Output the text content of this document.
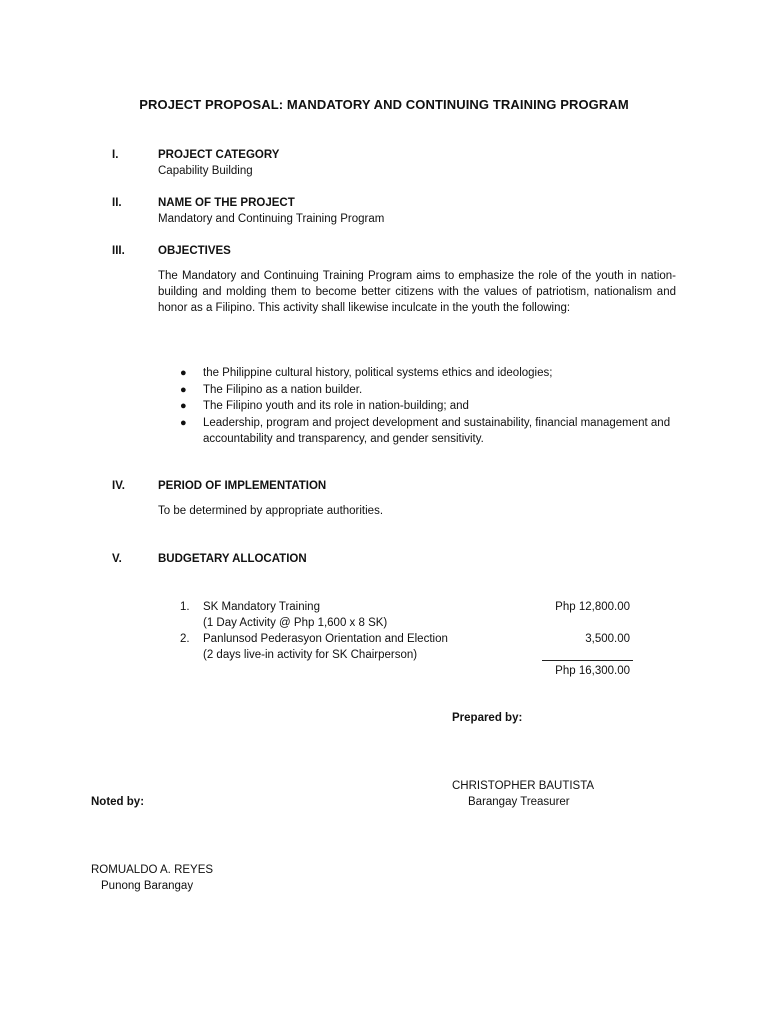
PROJECT PROPOSAL: MANDATORY AND CONTINUING TRAINING PROGRAM
I.	PROJECT CATEGORY
Capability Building
II.	NAME OF THE PROJECT
Mandatory and Continuing Training Program
III.	OBJECTIVES
The Mandatory and Continuing Training Program aims to emphasize the role of the youth in nation-building and molding them to become better citizens with the values of patriotism, nationalism and honor as a Filipino. This activity shall likewise inculcate in the youth the following:
● the Philippine cultural history, political systems ethics and ideologies;
● The Filipino as a nation builder.
● The Filipino youth and its role in nation-building; and
● Leadership, program and project development and sustainability, financial management and accountability and transparency, and gender sensitivity.
IV.	PERIOD OF IMPLEMENTATION
To be determined by appropriate authorities.
V.	BUDGETARY ALLOCATION
1. SK Mandatory Training	Php 12,800.00
(1 Day Activity @ Php 1,600 x 8 SK)
2. Panlunsod Pederasyon Orientation and Election	3,500.00
(2 days live-in activity for SK Chairperson)
Php 16,300.00
Prepared by:
CHRISTOPHER BAUTISTA
Barangay Treasurer
Noted by:
ROMUALDO A. REYES
Punong Barangay
